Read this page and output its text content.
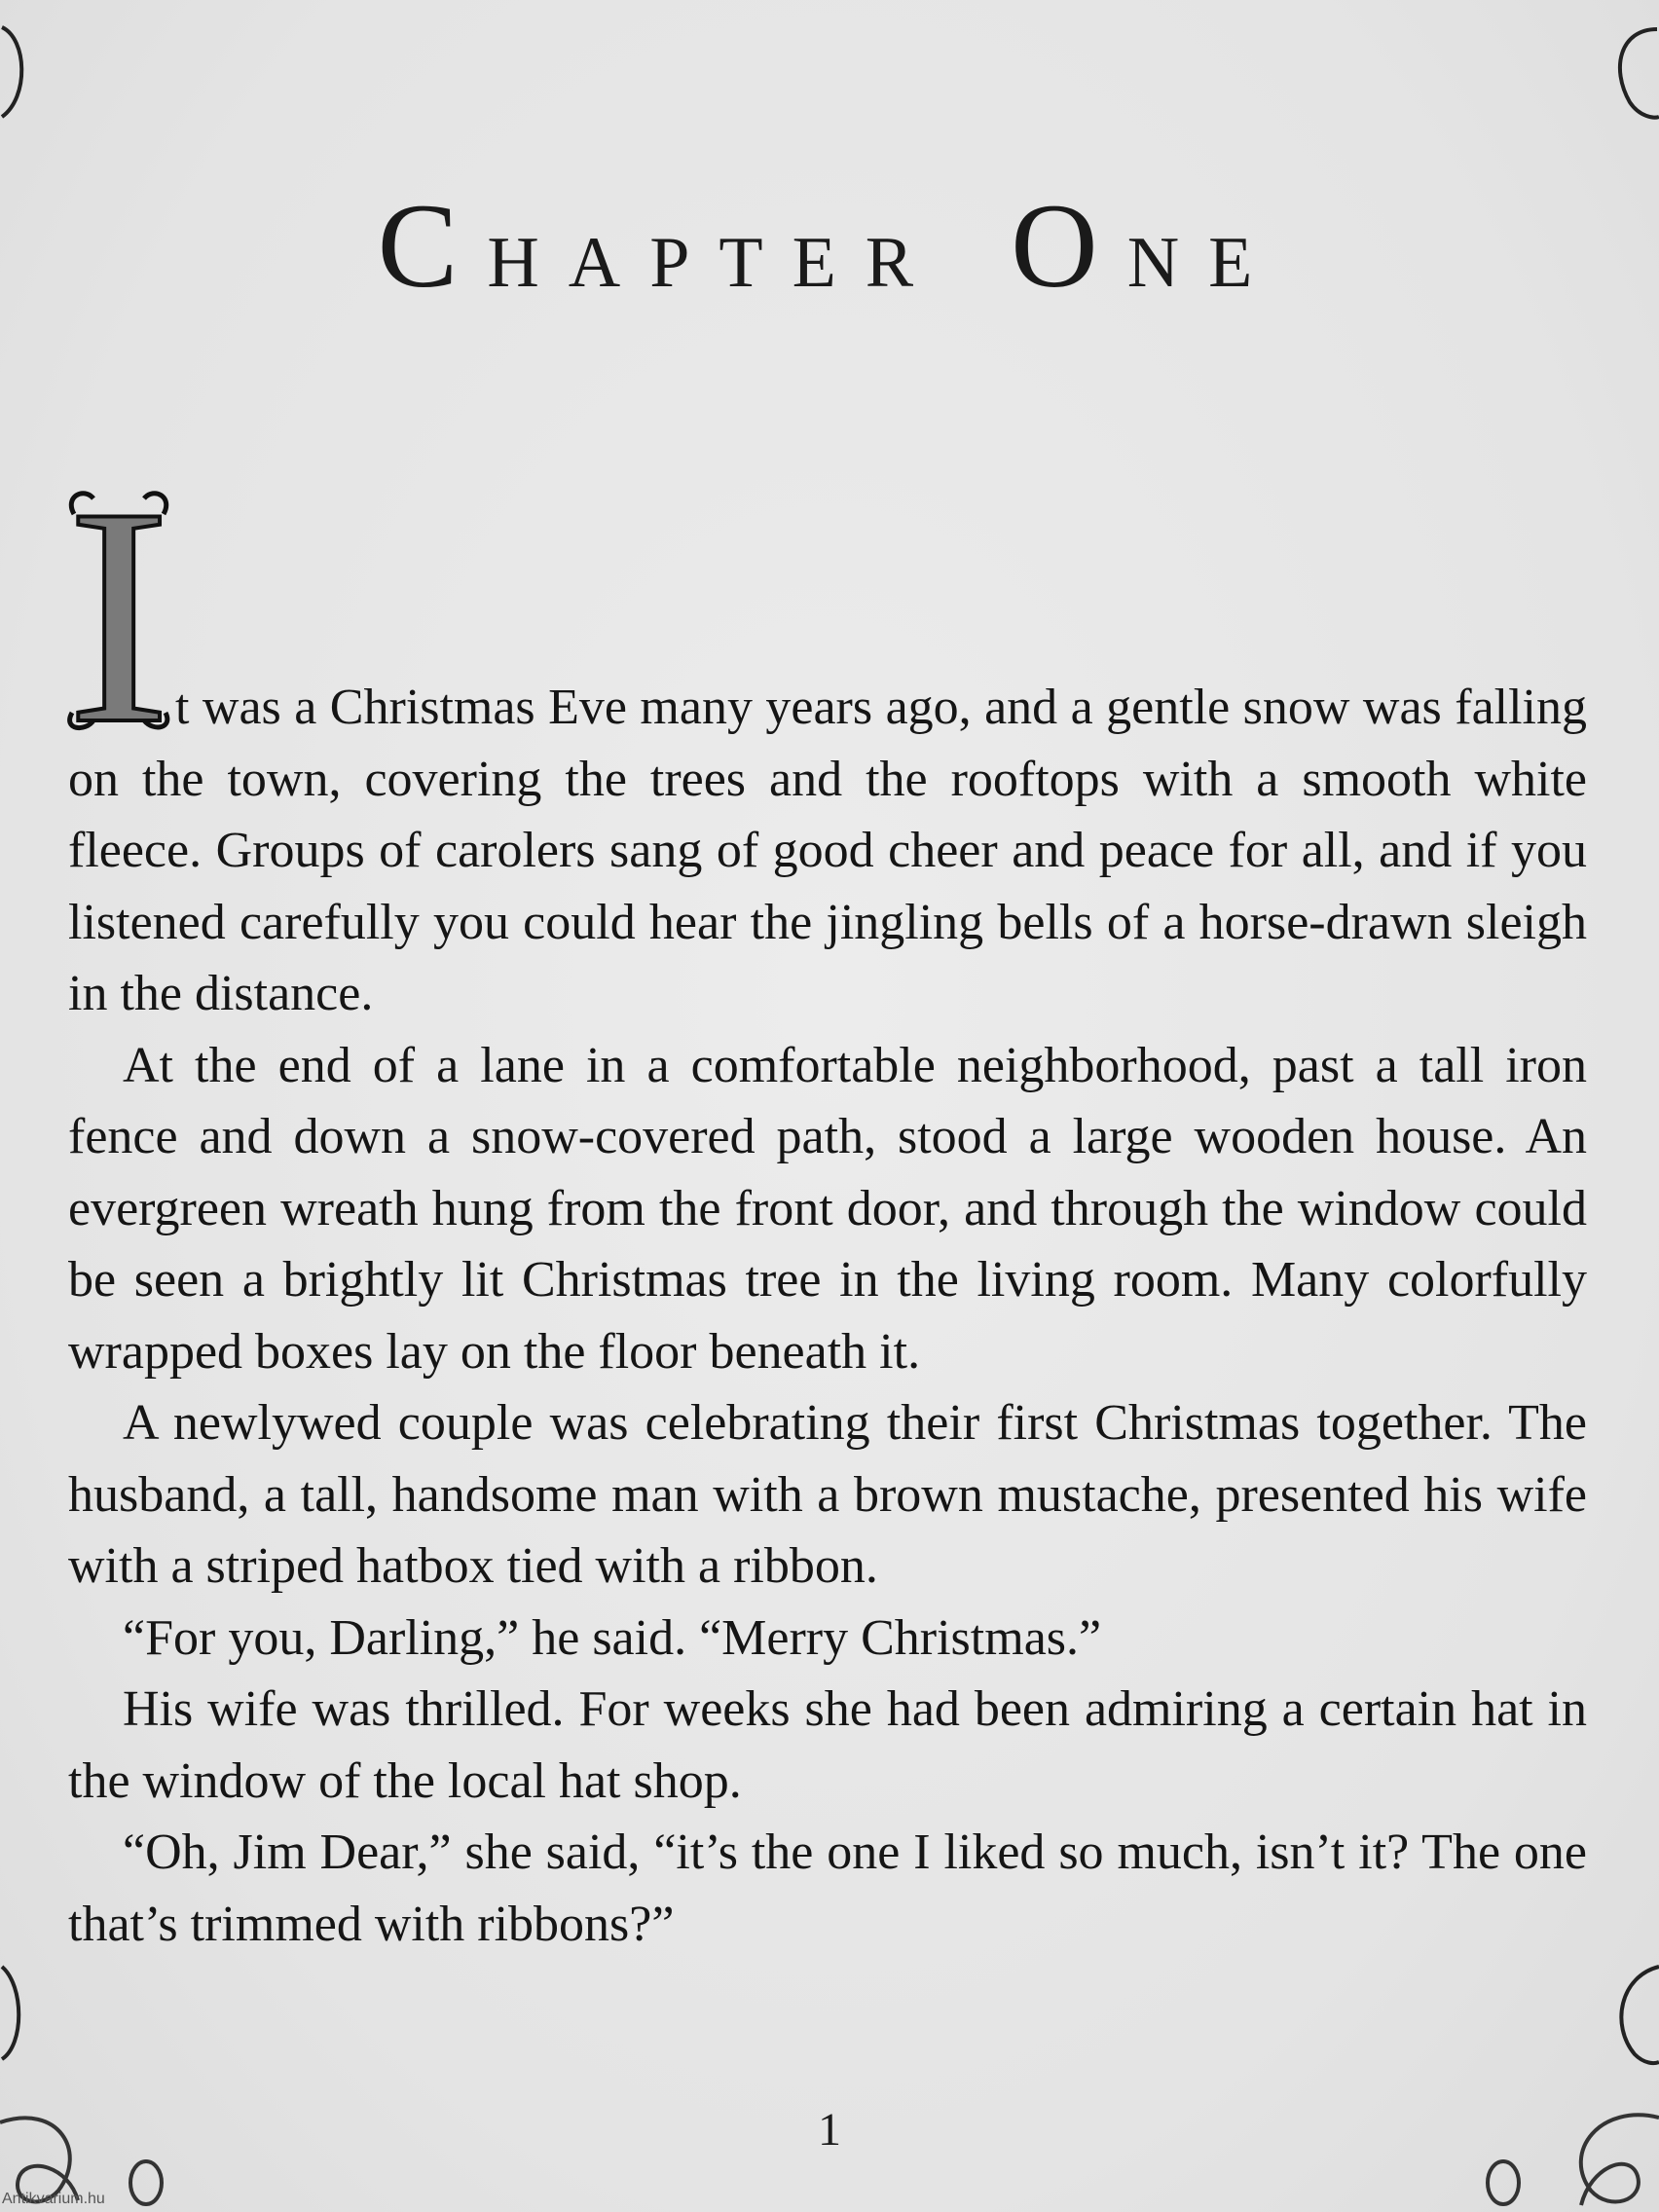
CHAPTER ONE
I t was a Christmas Eve many years ago, and a gentle snow was falling on the town, covering the trees and the rooftops with a smooth white fleece. Groups of carolers sang of good cheer and peace for all, and if you listened carefully you could hear the jingling bells of a horse-drawn sleigh in the distance.

At the end of a lane in a comfortable neighborhood, past a tall iron fence and down a snow-covered path, stood a large wooden house. An evergreen wreath hung from the front door, and through the window could be seen a brightly lit Christmas tree in the living room. Many colorfully wrapped boxes lay on the floor beneath it.

A newlywed couple was celebrating their first Christmas together. The husband, a tall, handsome man with a brown mustache, presented his wife with a striped hatbox tied with a ribbon.

“For you, Darling,” he said. “Merry Christmas.”

His wife was thrilled. For weeks she had been admiring a certain hat in the window of the local hat shop.

“Oh, Jim Dear,” she said, “it’s the one I liked so much, isn’t it? The one that’s trimmed with ribbons?”

1
Antikvarium.hu
